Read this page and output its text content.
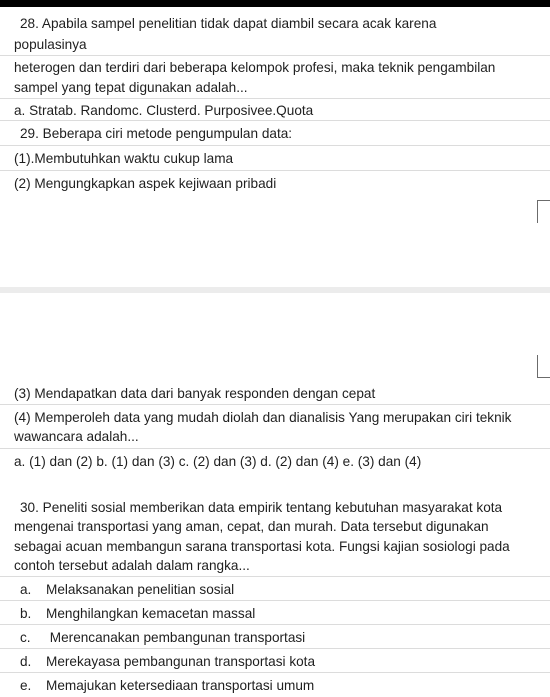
28. Apabila sampel penelitian tidak dapat diambil secara acak karena
populasinya
heterogen dan terdiri dari beberapa kelompok profesi, maka teknik pengambilan
sampel yang tepat digunakan adalah...
a. Stratab. Randomc. Clusterd. Purposivee.Quota
29. Beberapa ciri metode pengumpulan data:
(1).Membutuhkan waktu cukup lama
(2) Mengungkapkan aspek kejiwaan pribadi
(3) Mendapatkan data dari banyak responden dengan cepat
(4) Memperoleh data yang mudah diolah dan dianalisis Yang merupakan ciri teknik
wawancara adalah...
a. (1) dan (2) b. (1) dan (3) c. (2) dan (3) d. (2) dan (4) e. (3) dan (4)
30. Peneliti sosial memberikan data empirik tentang kebutuhan masyarakat kota
mengenai transportasi yang aman, cepat, dan murah. Data tersebut digunakan
sebagai acuan membangun sarana transportasi kota. Fungsi kajian sosiologi pada
contoh tersebut adalah dalam rangka...
a. Melaksanakan penelitian sosial
b. Menghilangkan kemacetan massal
c. Merencanakan pembangunan transportasi
d. Merekayasa pembangunan transportasi kota
e. Memajukan ketersediaan transportasi umum
